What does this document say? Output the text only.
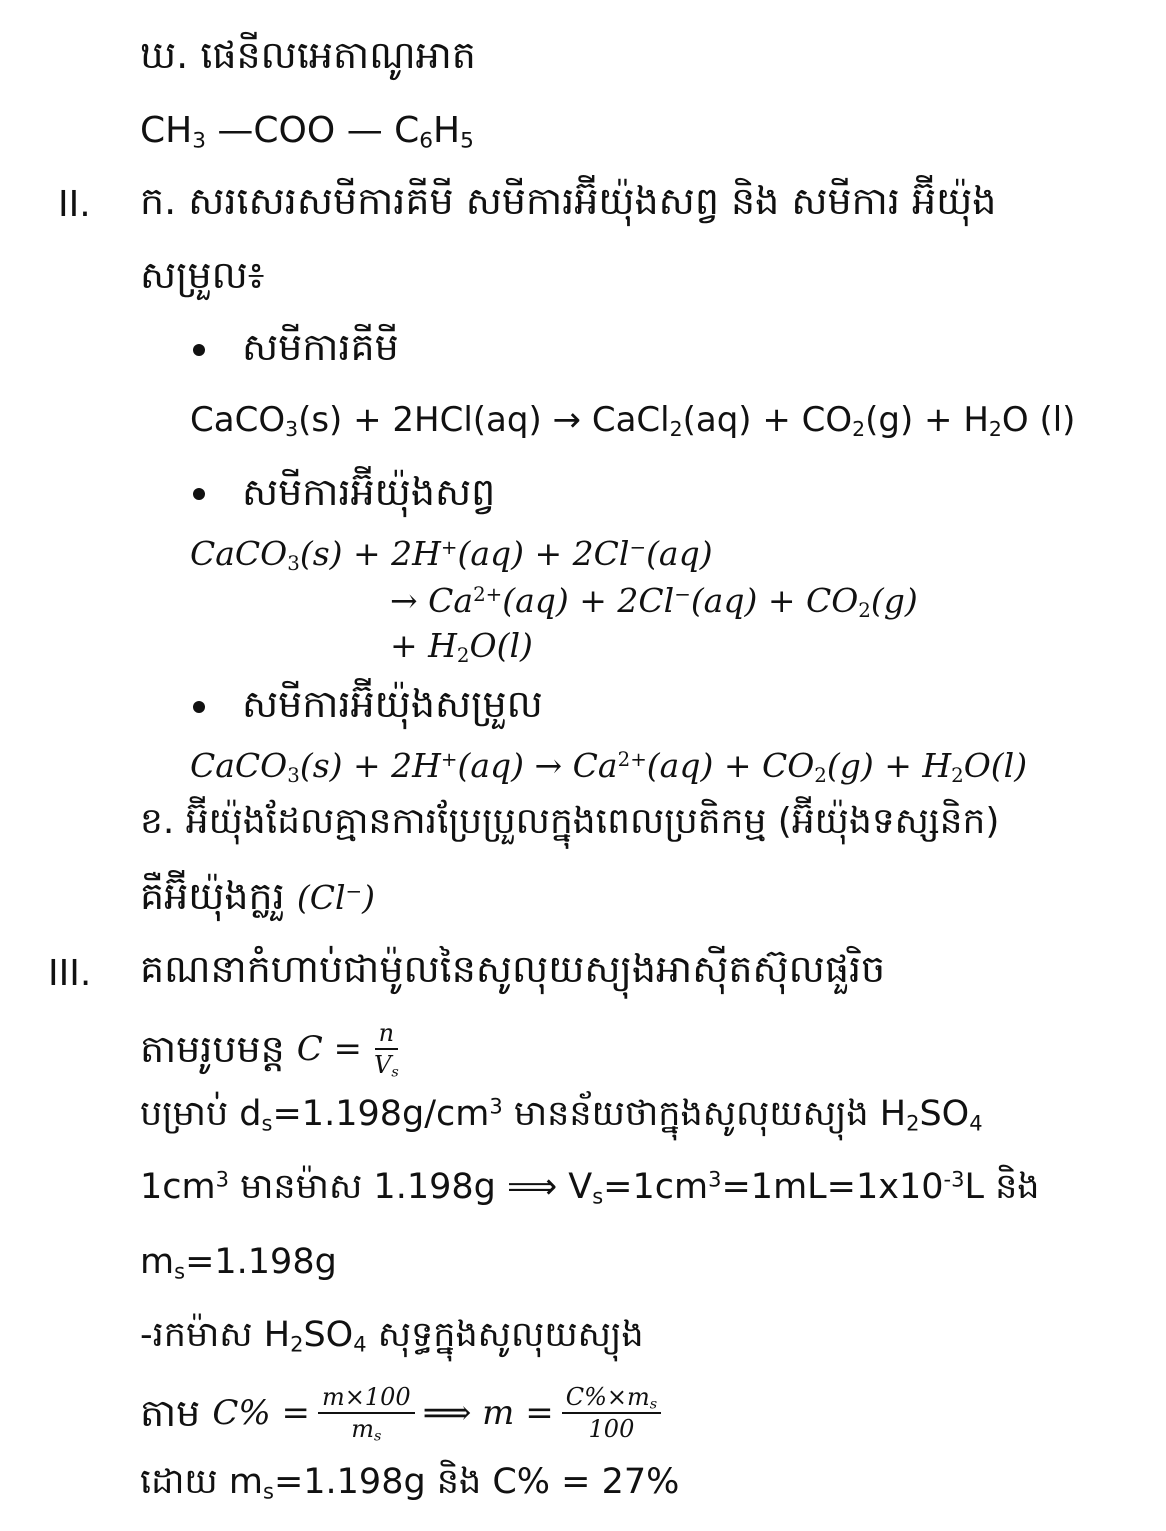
ឃ. ផេនីលអេតាណូអាត
$CH_3$ —COO — $C_6H_5$
II. ក. សរសេរសមីការគីមី សមីការអ៊ីយ៉ុងសព្វ និង សមីការ អ៊ីយ៉ុង
សម្រួល៖
សមីការគីមី
CaCO$_3$(s) + 2HCl(aq) → CaCl$_2$(aq) + $CO_2(g) + H_2O$ (l)
សមីការអ៊ីយ៉ុងសព្វ
CaCO$_3$(s) + 2H+(aq) + 2Cl−(aq)
→ $Ca^{2+}(aq) + 2Cl^-(aq) + CO_2(g)$
+ $H_2O(l)$
សមីការអ៊ីយ៉ុងសម្រួល
CaCO$_3$(s) + $2H^+(aq) \to Ca^{2+}(aq) + CO_2(g) + H_2O(l)$
ខ. អ៊ីយ៉ុងដែលគ្មានការប្រែប្រួលក្នុងពេលប្រតិកម្ម (អ៊ីយ៉ុងទស្សនិក)
គឺអ៊ីយ៉ុងក្លរួ (Cl−)
III. គណនាកំហាប់ជាម៉ូលនៃសូលុយស្យុងអាស៊ីតស៊ុលផួរិច
តាមរូបមន្ត $C = \frac{n}{V_s}$
បម្រាប់ $d_s=1.198g/cm^3$ មានន័យថាក្នុងសូលុយស្យុង $H_2SO_4$
$1cm^3$ មានម៉ាស 1.198g ⟹ $V_s=1cm^3=1mL=1x10^{-3}L$ និង
$m_s=1.198g$
-រកម៉ាស $H_2SO_4$ សុទ្ធក្នុងសូលុយស្យុង
តាម $C\% = \frac{m\times 100}{m_s}$ ⟹ $m = \frac{C\%\times m_s}{100}$
ដោយ $m_s=1.198g$ និង C% = 27%
